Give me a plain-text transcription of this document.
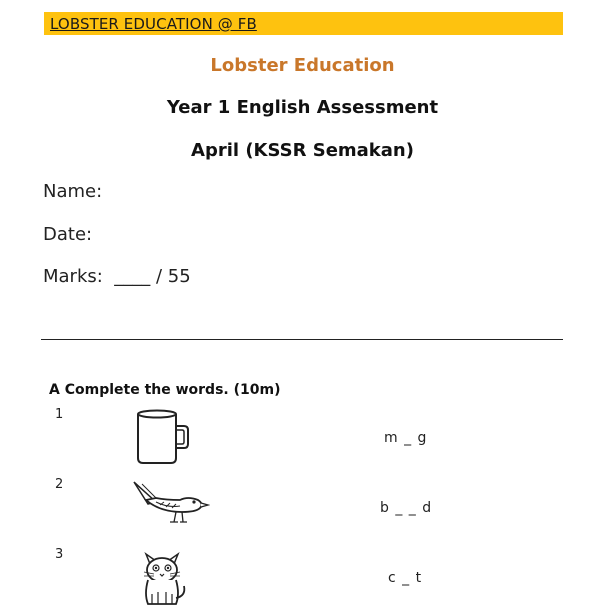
LOBSTER EDUCATION @ FB
Lobster Education
Year 1 English Assessment
April (KSSR Semakan)
Name:
Date:
Marks:  ____ / 55
A Complete the words. (10m)
1
m _ g
2
b _ _ d
3
c _ t
